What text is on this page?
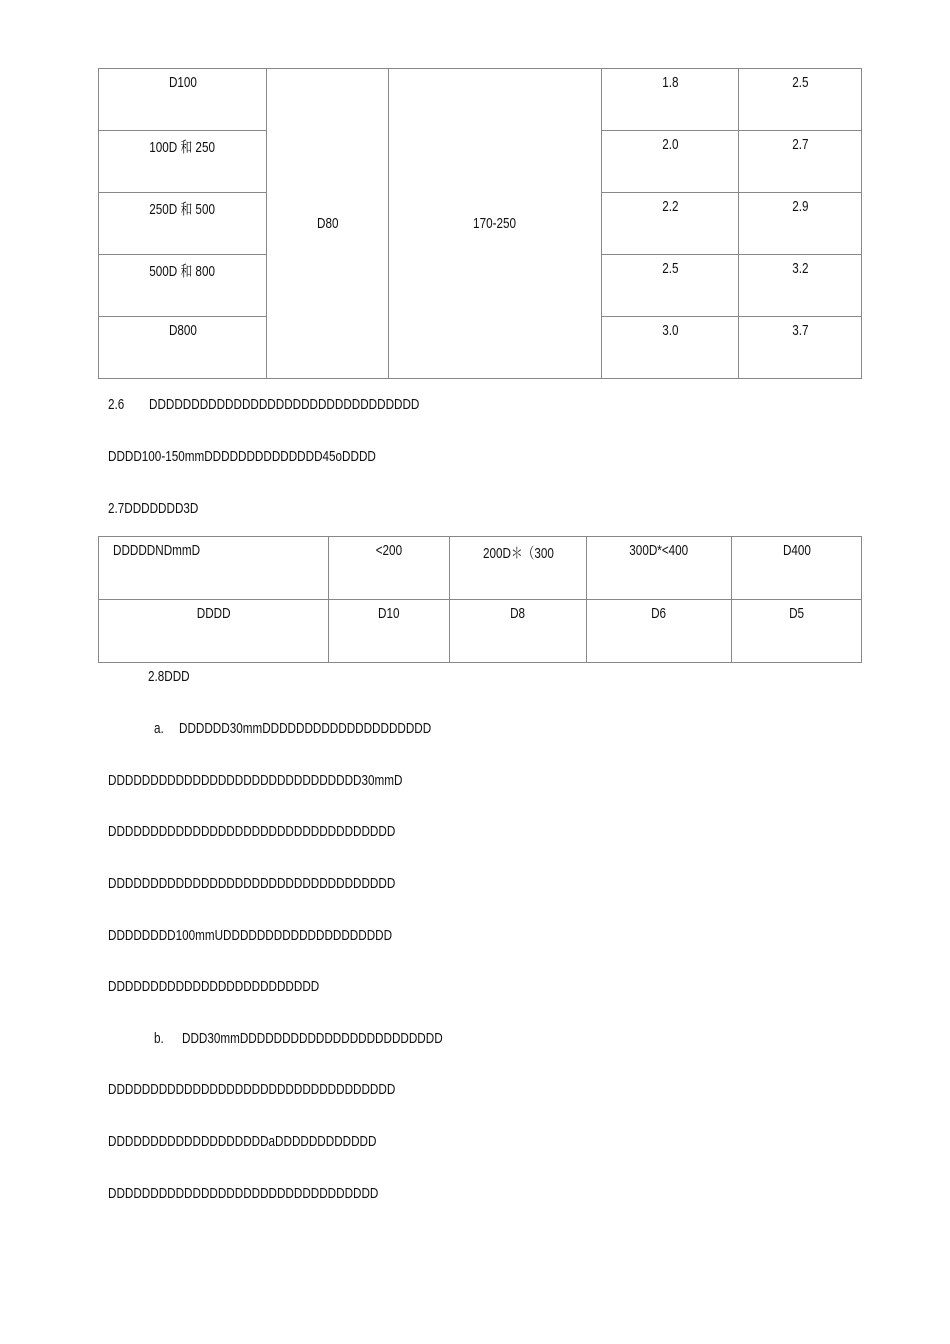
D100	D80	170-250	1.8	2.5

100D 和 250			2.0	2.7

250D 和 500			2.2	2.9

500D 和 800			2.5	3.2

D800			3.0	3.7
2.6	DDDDDDDDDDDDDDDDDDDDDDDDDDDDDDDD
DDDD100-150mmDDDDDDDDDDDDDD45oDDDD
2.7DDDDDDD3D
DDDDDNDmmD	<200	200D＊（300	300D*<400	D400

DDDD	D10	D8	D6	D5
2.8DDD
a. DDDDDD30mmDDDDDDDDDDDDDDDDDDDD
DDDDDDDDDDDDDDDDDDDDDDDDDDDDDD30mmD
DDDDDDDDDDDDDDDDDDDDDDDDDDDDDDDDDD
DDDDDDDDDDDDDDDDDDDDDDDDDDDDDDDDDD
DDDDDDDD100mmUDDDDDDDDDDDDDDDDDDDD
DDDDDDDDDDDDDDDDDDDDDDDDD
b. DDD30mmDDDDDDDDDDDDDDDDDDDDDDDD
DDDDDDDDDDDDDDDDDDDDDDDDDDDDDDDDDD
DDDDDDDDDDDDDDDDDDDaDDDDDDDDDDDD
DDDDDDDDDDDDDDDDDDDDDDDDDDDDDDDD
